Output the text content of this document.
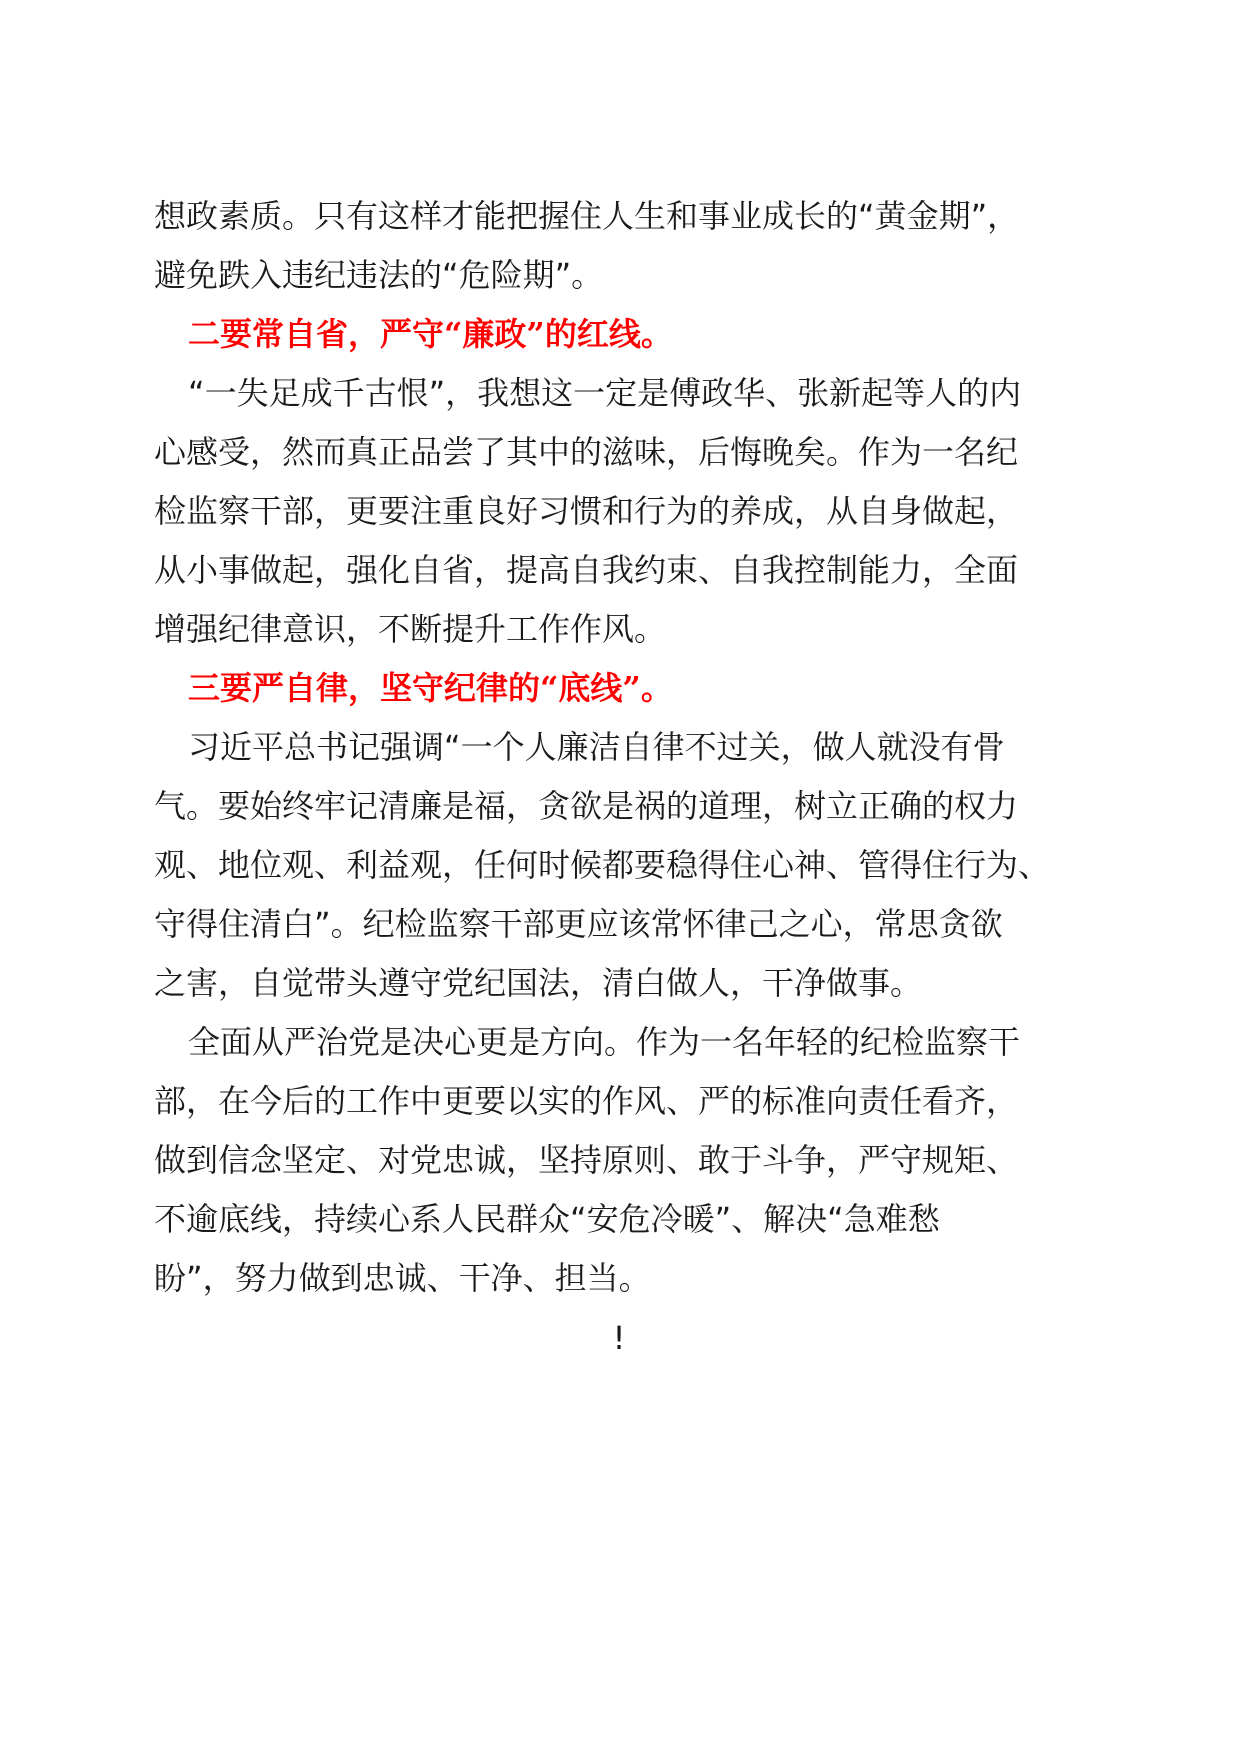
想政素质。只有这样才能把握住人生和事业成长的“黄金期”，
避免跌入违纪违法的“危险期”。
二要常自省，严守“廉政”的红线。
“一失足成千古恨”，我想这一定是傅政华、张新起等人的内
心感受，然而真正品尝了其中的滋味，后悔晚矣。作为一名纪
检监察干部，更要注重良好习惯和行为的养成，从自身做起，
从小事做起，强化自省，提高自我约束、自我控制能力，全面
增强纪律意识，不断提升工作作风。
三要严自律，坚守纪律的“底线”。
习近平总书记强调“一个人廉洁自律不过关，做人就没有骨
气。要始终牢记清廉是福，贪欲是祸的道理，树立正确的权力
观、地位观、利益观，任何时候都要稳得住心神、管得住行为、
守得住清白”。纪检监察干部更应该常怀律己之心，常思贪欲
之害，自觉带头遵守党纪国法，清白做人，干净做事。
全面从严治党是决心更是方向。作为一名年轻的纪检监察干
部，在今后的工作中更要以实的作风、严的标准向责任看齐，
做到信念坚定、对党忠诚，坚持原则、敢于斗争，严守规矩、
不逾底线，持续心系人民群众“安危冷暖”、解决“急难愁
盼”，努力做到忠诚、干净、担当。
!
